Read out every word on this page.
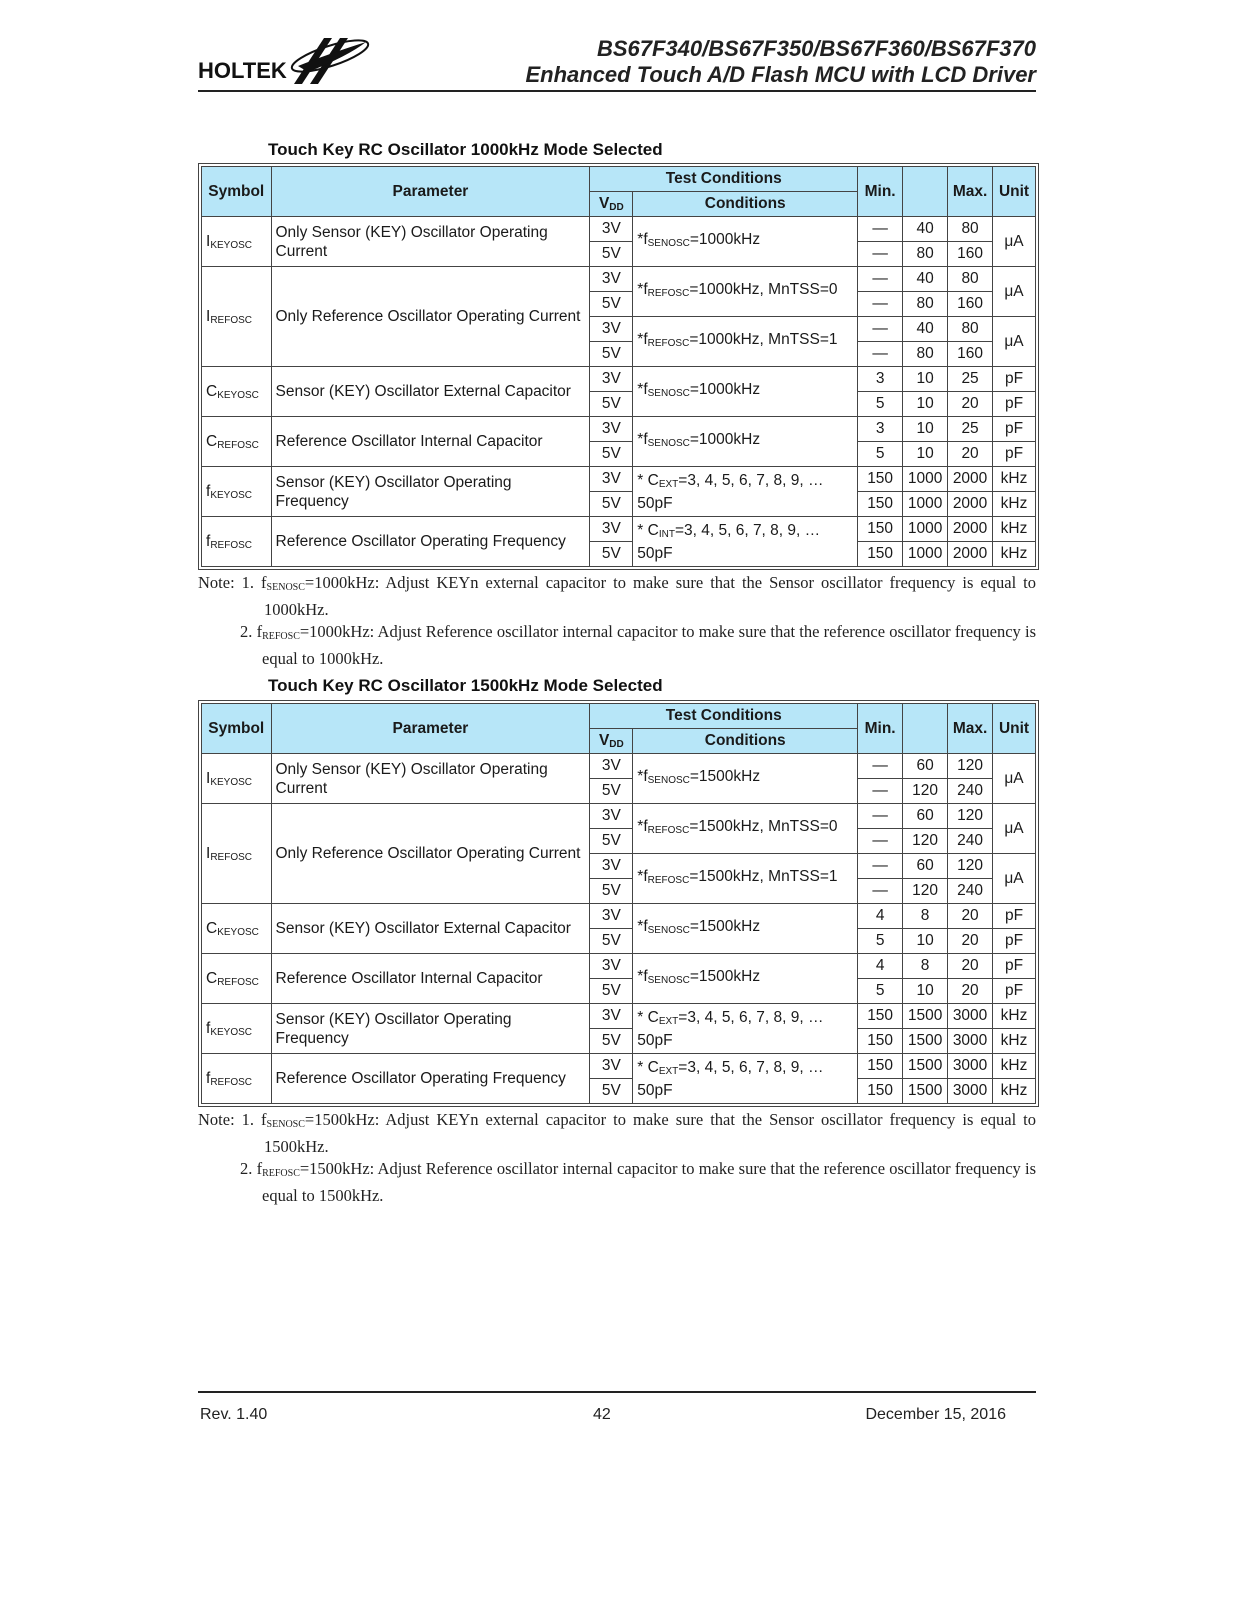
HOLTEK
BS67F340/BS67F350/BS67F360/BS67F370
Enhanced Touch A/D Flash MCU with LCD Driver
Touch Key RC Oscillator 1000kHz Mode Selected
Symbol	Parameter	Test Conditions		Min.		Max.	Unit
		$V_{DD}$	Conditions				
$I_{KEYOSC}$	Only Sensor (KEY) Oscillator Operating Current	3V	$*f_{SENOSC}=1000kHz$	—	40	80	μA
		5V		—	80	160	
$I_{REFOSC}$	Only Reference Oscillator Operating Current	3V	$*f_{REFOSC}=1000kHz$, MnTSS=0	—	40	80	μA
		5V		—	80	160	
		3V	$*f_{REFOSC}=1000kHz$, MnTSS=1	—	40	80	μA
		5V		—	80	160	
$C_{KEYOSC}$	Sensor (KEY) Oscillator External Capacitor	3V	$*f_{SENOSC}=1000kHz$	3	10	25	pF
		5V		5	10	20	pF
$C_{REFOSC}$	Reference Oscillator Internal Capacitor	3V	$*f_{SENOSC}=1000kHz$	3	10	25	pF
		5V		5	10	20	pF
$f_{KEYOSC}$	Sensor (KEY) Oscillator Operating Frequency	3V	* $C_{EXT}=3$, 4, 5, 6, 7, 8, 9, … 50pF	150	1000	2000	kHz
		5V		150	1000	2000	kHz
$f_{REFOSC}$	Reference Oscillator Operating Frequency	3V	* $C_{INT}=3$, 4, 5, 6, 7, 8, 9, … 50pF	150	1000	2000	kHz
		5V		150	1000	2000	kHz
Note: 1. $f_{SENOSC}=1000kHz$: Adjust KEYn external capacitor to make sure that the Sensor oscillator frequency is equal to 1000kHz.
2. $f_{REFOSC}=1000kHz$: Adjust Reference oscillator internal capacitor to make sure that the reference oscillator frequency is equal to 1000kHz.
Touch Key RC Oscillator 1500kHz Mode Selected
Symbol	Parameter	Test Conditions		Min.		Max.	Unit
		$V_{DD}$	Conditions				
$I_{KEYOSC}$	Only Sensor (KEY) Oscillator Operating Current	3V	$*f_{SENOSC}=1500kHz$	—	60	120	μA
		5V		—	120	240	
$I_{REFOSC}$	Only Reference Oscillator Operating Current	3V	$*f_{REFOSC}=1500kHz$, MnTSS=0	—	60	120	μA
		5V		—	120	240	
		3V	$*f_{REFOSC}=1500kHz$, MnTSS=1	—	60	120	μA
		5V		—	120	240	
$C_{KEYOSC}$	Sensor (KEY) Oscillator External Capacitor	3V	$*f_{SENOSC}=1500kHz$	4	8	20	pF
		5V		5	10	20	pF
$C_{REFOSC}$	Reference Oscillator Internal Capacitor	3V	$*f_{SENOSC}=1500kHz$	4	8	20	pF
		5V		5	10	20	pF
$f_{KEYOSC}$	Sensor (KEY) Oscillator Operating Frequency	3V	* $C_{EXT}=3$, 4, 5, 6, 7, 8, 9, … 50pF	150	1500	3000	kHz
		5V		150	1500	3000	kHz
$f_{REFOSC}$	Reference Oscillator Operating Frequency	3V	* $C_{EXT}=3$, 4, 5, 6, 7, 8, 9, … 50pF	150	1500	3000	kHz
		5V		150	1500	3000	kHz
Note: 1. $f_{SENOSC}=1500kHz$: Adjust KEYn external capacitor to make sure that the Sensor oscillator frequency is equal to 1500kHz.
2. $f_{REFOSC}=1500kHz$: Adjust Reference oscillator internal capacitor to make sure that the reference oscillator frequency is equal to 1500kHz.
Rev. 1.40	42	December 15, 2016
